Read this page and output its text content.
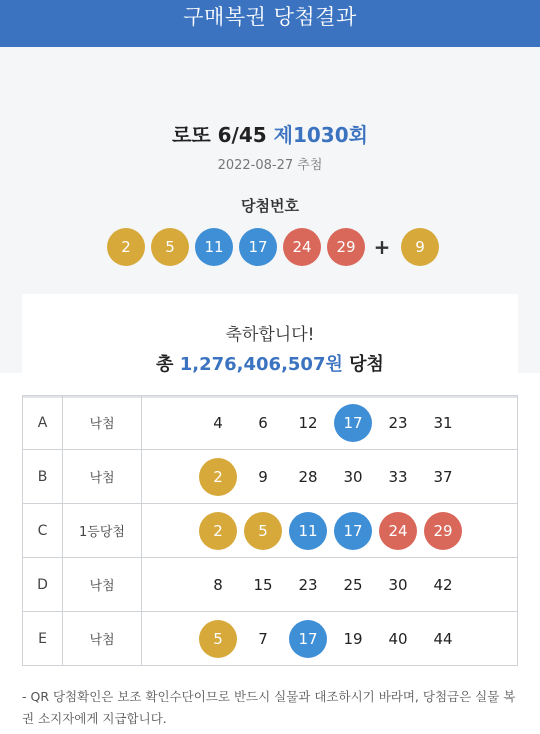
구매복권 당첨결과
로또 6/45 제1030회
2022-08-27 추첨
당첨번호
2	5	11	17	24	29 +	9
축하합니다!
총 1,276,406,507원 당첨
A	낙첨	4	6	12	17	23	31
B	낙첨	2	9	28	30	33	37
C	1등당첨	2	5	11	17	24	29
D	낙첨	8	15	23	25	30	42
E	낙첨	5	7	17	19	40	44
- QR 당첨확인은 보조 확인수단이므로 반드시 실물과 대조하시기 바라며, 당첨금은 실물 복권 소지자에게 지급합니다.
